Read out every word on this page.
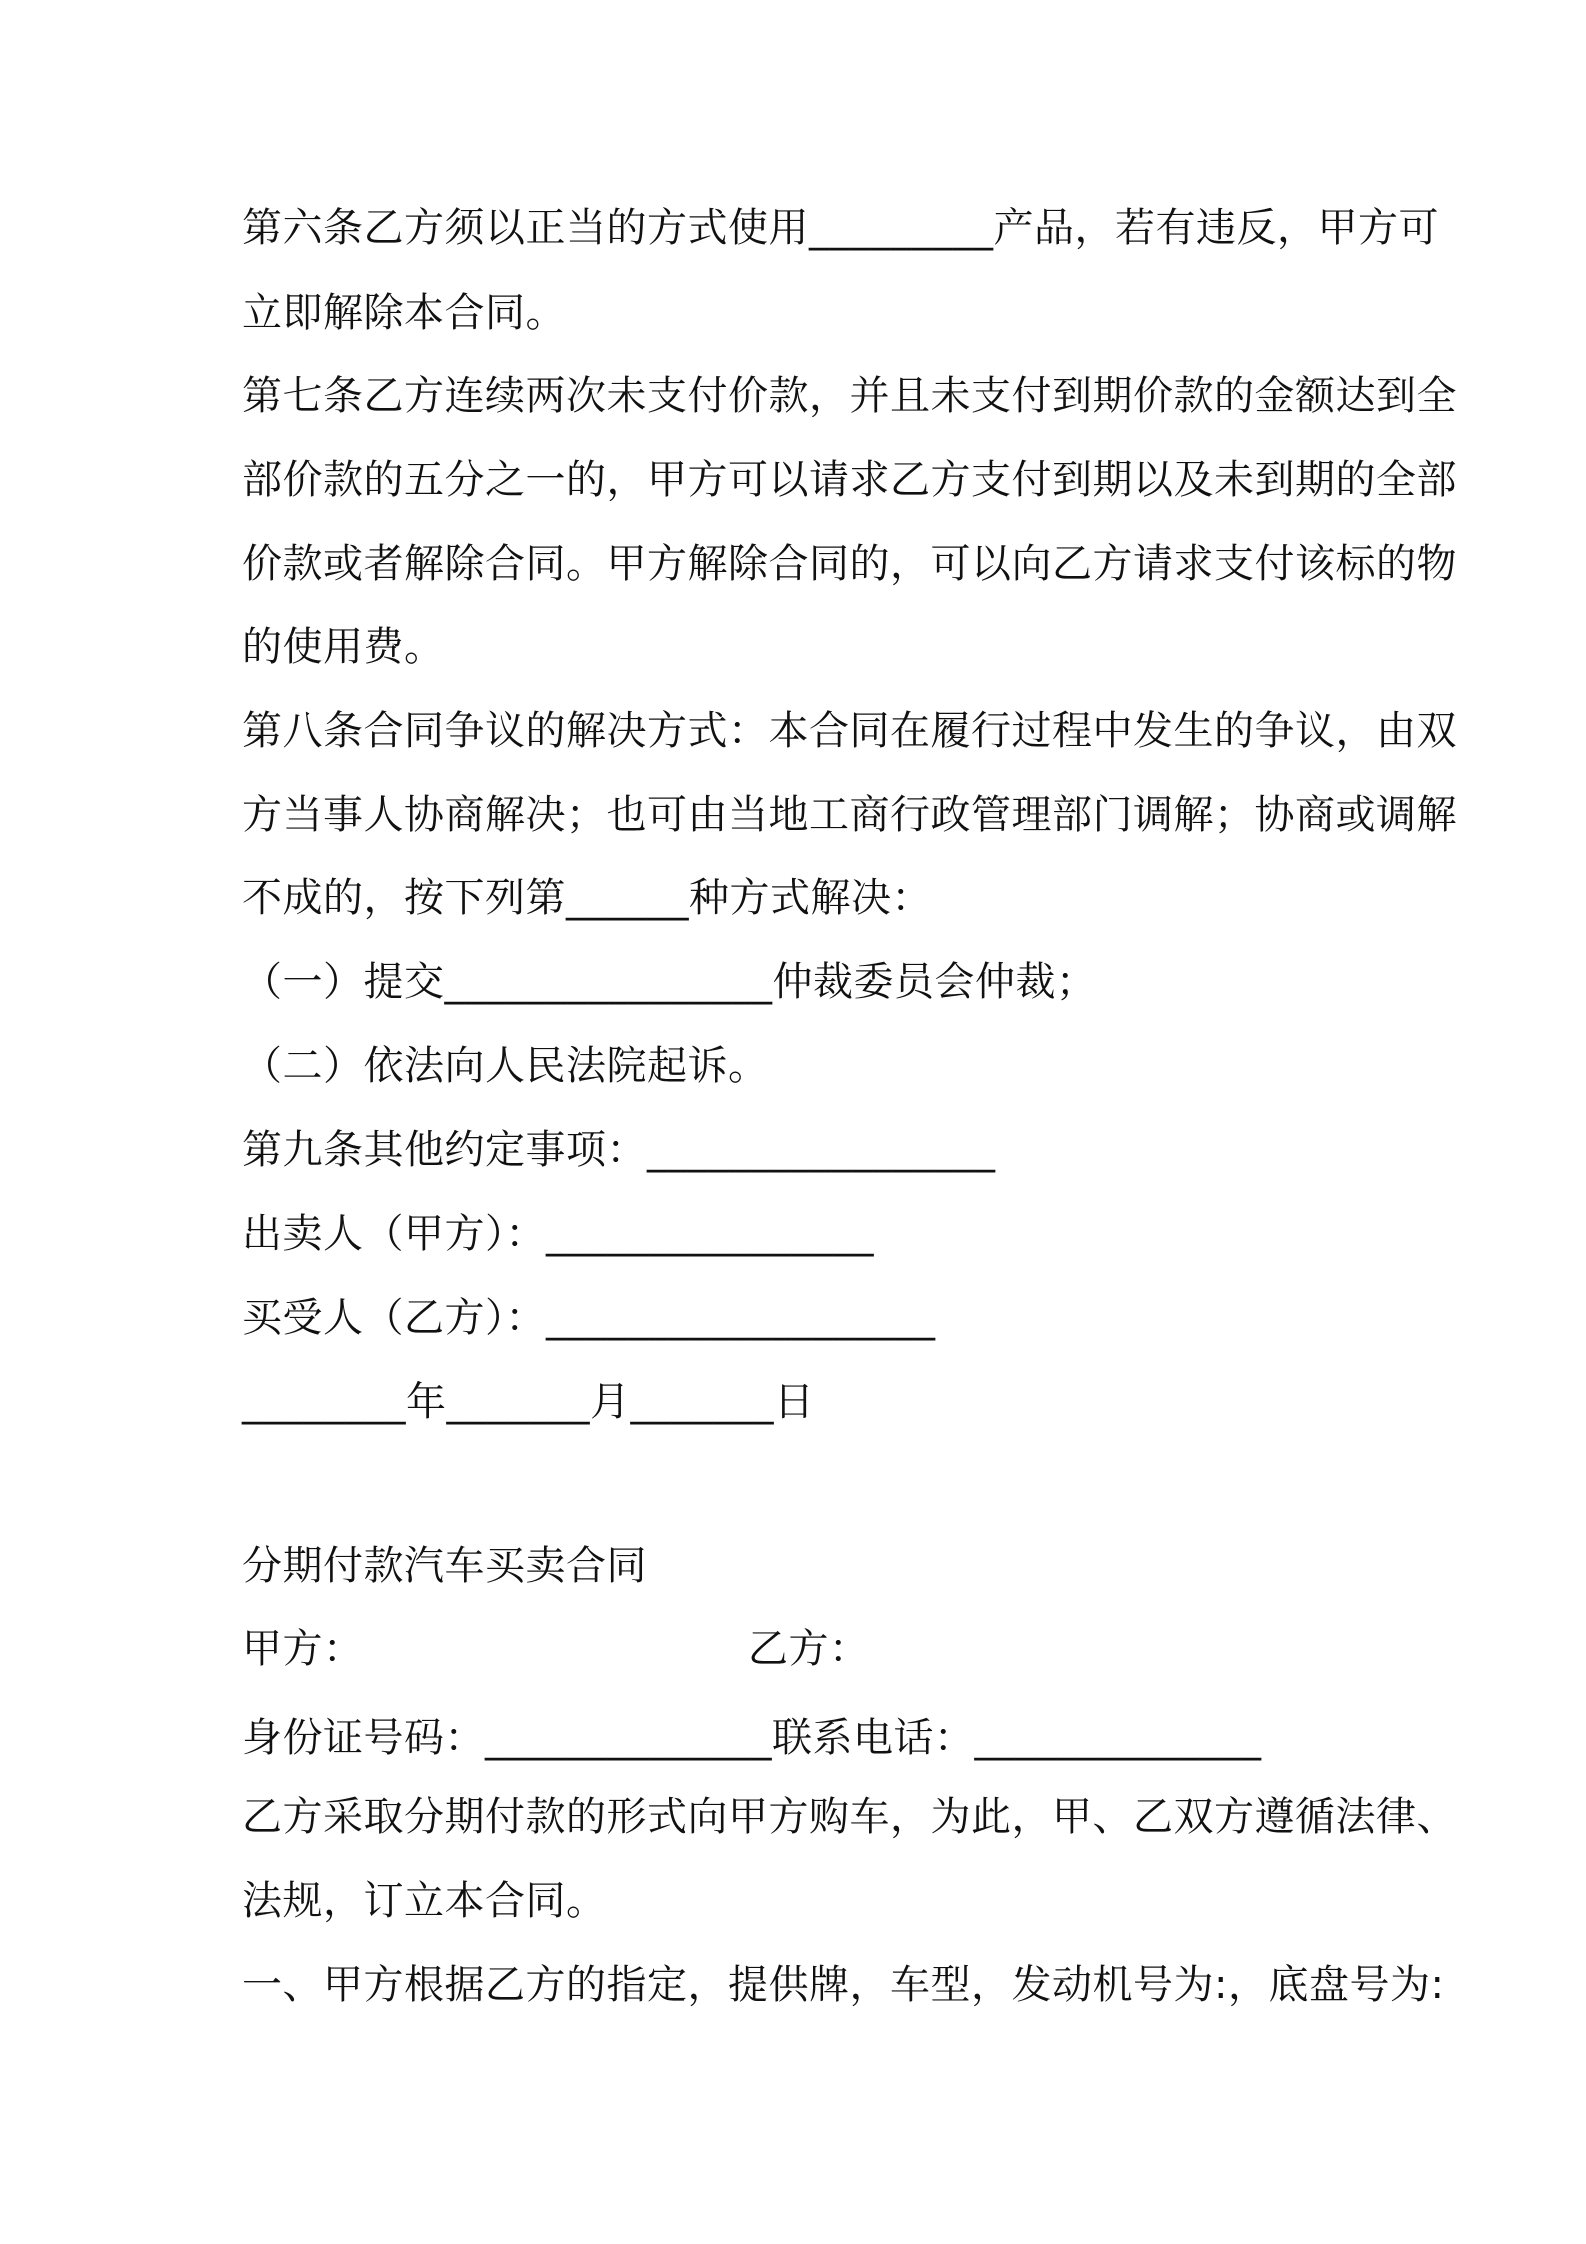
第六条乙方须以正当的方式使用_________产品，若有违反，甲方可
立即解除本合同。
第七条乙方连续两次未支付价款，并且未支付到期价款的金额达到全
部价款的五分之一的，甲方可以请求乙方支付到期以及未到期的全部
价款或者解除合同。甲方解除合同的，可以向乙方请求支付该标的物
的使用费。
第八条合同争议的解决方式：本合同在履行过程中发生的争议，由双
方当事人协商解决；也可由当地工商行政管理部门调解；协商或调解
不成的，按下列第______种方式解决：
（一）提交________________仲裁委员会仲裁；
（二）依法向人民法院起诉。
第九条其他约定事项：_________________
出卖人（甲方）：________________
买受人（乙方）：___________________
________年_______月_______日
分期付款汽车买卖合同
甲方：	乙方：
身份证号码：______________联系电话：______________
乙方采取分期付款的形式向甲方购车，为此，甲、乙双方遵循法律、
法规，订立本合同。
一、甲方根据乙方的指定，提供牌，车型，发动机号为:，底盘号为:
